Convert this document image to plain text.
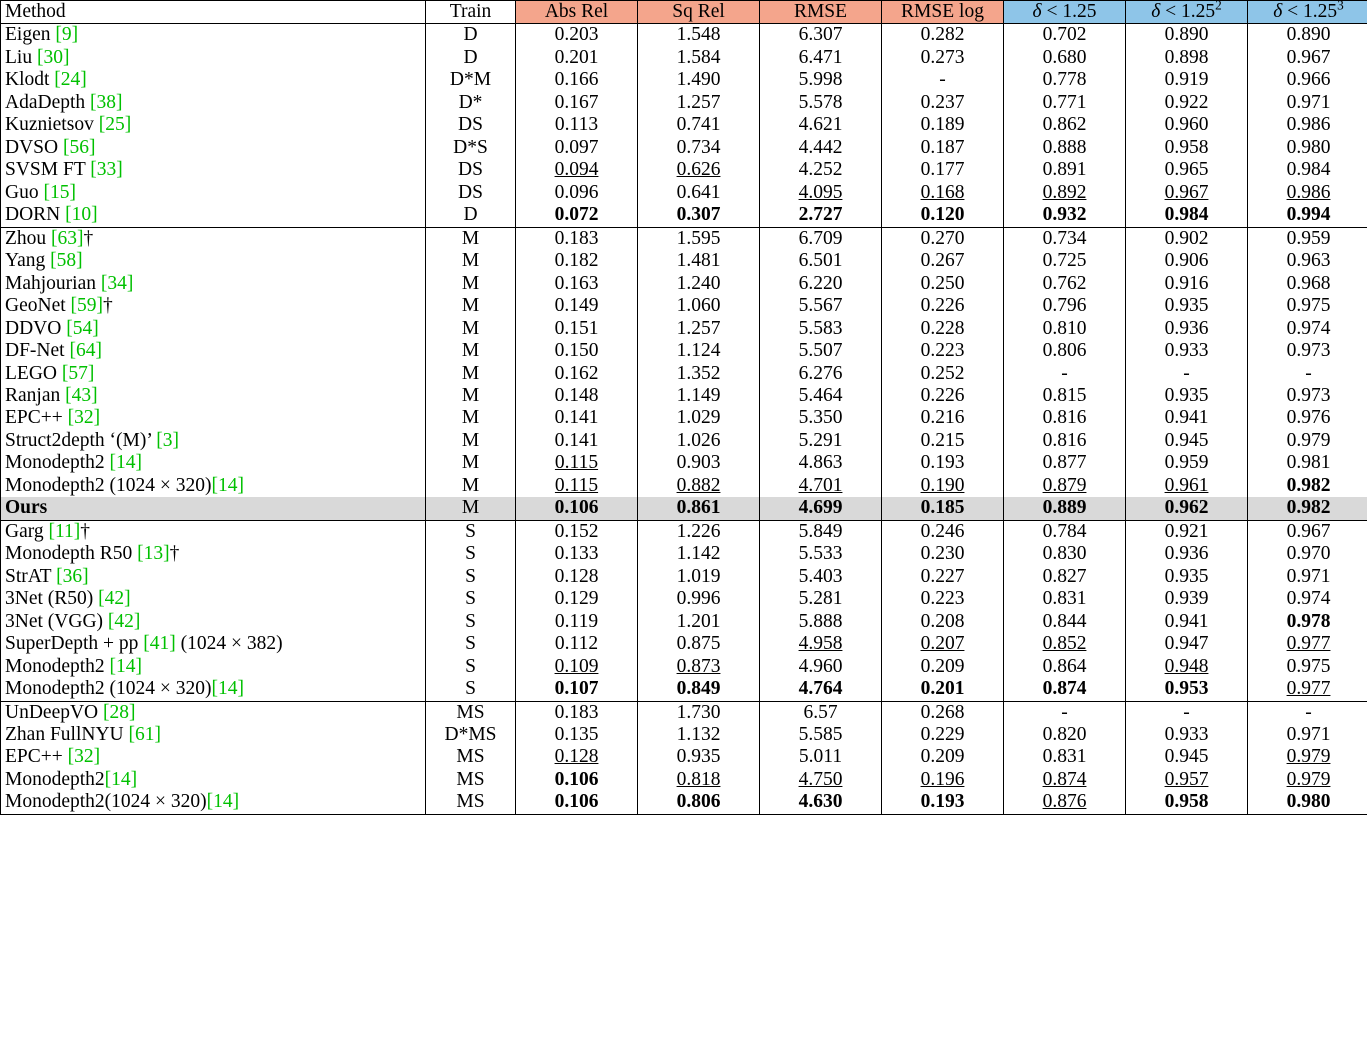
Method	Train	Abs Rel	Sq Rel	RMSE	RMSE log	δ < 1.25	$\delta < 1.25^2$	$\delta < 1.25^3$
Eigen [9]	D	0.203	1.548	6.307	0.282	0.702	0.890	0.890
Liu [30]	D	0.201	1.584	6.471	0.273	0.680	0.898	0.967
Klodt [24]	D*M	0.166	1.490	5.998	-	0.778	0.919	0.966
AdaDepth [38]	D*	0.167	1.257	5.578	0.237	0.771	0.922	0.971
Kuznietsov [25]	DS	0.113	0.741	4.621	0.189	0.862	0.960	0.986
DVSO [56]	D*S	0.097	0.734	4.442	0.187	0.888	0.958	0.980
SVSM FT [33]	DS	0.094	0.626	4.252	0.177	0.891	0.965	0.984
Guo [15]	DS	0.096	0.641	4.095	0.168	0.892	0.967	0.986
DORN [10]	D	0.072	0.307	2.727	0.120	0.932	0.984	0.994
Zhou [63]†	M	0.183	1.595	6.709	0.270	0.734	0.902	0.959
Yang [58]	M	0.182	1.481	6.501	0.267	0.725	0.906	0.963
Mahjourian [34]	M	0.163	1.240	6.220	0.250	0.762	0.916	0.968
GeoNet [59]†	M	0.149	1.060	5.567	0.226	0.796	0.935	0.975
DDVO [54]	M	0.151	1.257	5.583	0.228	0.810	0.936	0.974
DF-Net [64]	M	0.150	1.124	5.507	0.223	0.806	0.933	0.973
LEGO [57]	M	0.162	1.352	6.276	0.252	-	-	-
Ranjan [43]	M	0.148	1.149	5.464	0.226	0.815	0.935	0.973
EPC++ [32]	M	0.141	1.029	5.350	0.216	0.816	0.941	0.976
Struct2depth ‘(M)’ [3]	M	0.141	1.026	5.291	0.215	0.816	0.945	0.979
Monodepth2 [14]	M	0.115	0.903	4.863	0.193	0.877	0.959	0.981
Monodepth2 (1024 × 320)[14]	M	0.115	0.882	4.701	0.190	0.879	0.961	0.982
Ours	M	0.106	0.861	4.699	0.185	0.889	0.962	0.982
Garg [11]†	S	0.152	1.226	5.849	0.246	0.784	0.921	0.967
Monodepth R50 [13]†	S	0.133	1.142	5.533	0.230	0.830	0.936	0.970
StrAT [36]	S	0.128	1.019	5.403	0.227	0.827	0.935	0.971
3Net (R50) [42]	S	0.129	0.996	5.281	0.223	0.831	0.939	0.974
3Net (VGG) [42]	S	0.119	1.201	5.888	0.208	0.844	0.941	0.978
SuperDepth + pp [41] (1024 × 382)	S	0.112	0.875	4.958	0.207	0.852	0.947	0.977
Monodepth2 [14]	S	0.109	0.873	4.960	0.209	0.864	0.948	0.975
Monodepth2 (1024 × 320)[14]	S	0.107	0.849	4.764	0.201	0.874	0.953	0.977
UnDeepVO [28]	MS	0.183	1.730	6.57	0.268	-	-	-
Zhan FullNYU [61]	D*MS	0.135	1.132	5.585	0.229	0.820	0.933	0.971
EPC++ [32]	MS	0.128	0.935	5.011	0.209	0.831	0.945	0.979
Monodepth2[14]	MS	0.106	0.818	4.750	0.196	0.874	0.957	0.979
Monodepth2(1024 × 320)[14]	MS	0.106	0.806	4.630	0.193	0.876	0.958	0.980
